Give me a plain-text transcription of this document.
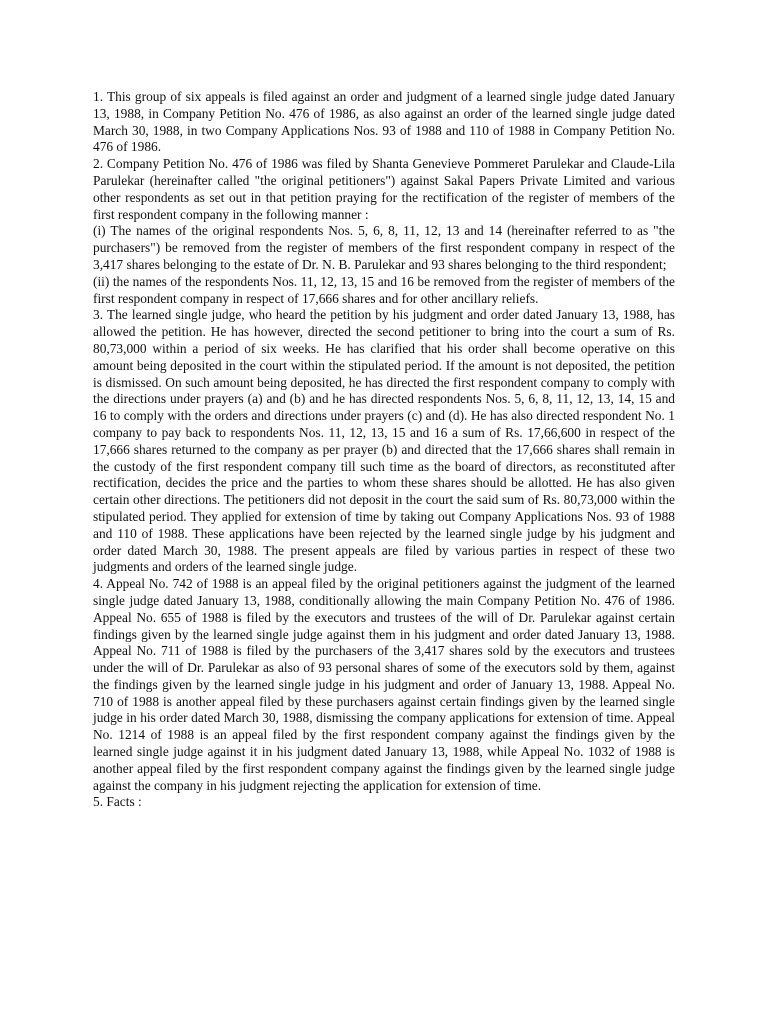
1. This group of six appeals is filed against an order and judgment of a learned single judge dated January 13, 1988, in Company Petition No. 476 of 1986, as also against an order of the learned single judge dated March 30, 1988, in two Company Applications Nos. 93 of 1988 and 110 of 1988 in Company Petition No. 476 of 1986.

2. Company Petition No. 476 of 1986 was filed by Shanta Genevieve Pommeret Parulekar and Claude-Lila Parulekar (hereinafter called "the original petitioners") against Sakal Papers Private Limited and various other respondents as set out in that petition praying for the rectification of the register of members of the first respondent company in the following manner :

(i) The names of the original respondents Nos. 5, 6, 8, 11, 12, 13 and 14 (hereinafter referred to as "the purchasers") be removed from the register of members of the first respondent company in respect of the 3,417 shares belonging to the estate of Dr. N. B. Parulekar and 93 shares belonging to the third respondent;

(ii) the names of the respondents Nos. 11, 12, 13, 15 and 16 be removed from the register of members of the first respondent company in respect of 17,666 shares and for other ancillary reliefs.

3. The learned single judge, who heard the petition by his judgment and order dated January 13, 1988, has allowed the petition. He has however, directed the second petitioner to bring into the court a sum of Rs. 80,73,000 within a period of six weeks. He has clarified that his order shall become operative on this amount being deposited in the court within the stipulated period. If the amount is not deposited, the petition is dismissed. On such amount being deposited, he has directed the first respondent company to comply with the directions under prayers (a) and (b) and he has directed respondents Nos. 5, 6, 8, 11, 12, 13, 14, 15 and 16 to comply with the orders and directions under prayers (c) and (d). He has also directed respondent No. 1 company to pay back to respondents Nos. 11, 12, 13, 15 and 16 a sum of Rs. 17,66,600 in respect of the 17,666 shares returned to the company as per prayer (b) and directed that the 17,666 shares shall remain in the custody of the first respondent company till such time as the board of directors, as reconstituted after rectification, decides the price and the parties to whom these shares should be allotted. He has also given certain other directions. The petitioners did not deposit in the court the said sum of Rs. 80,73,000 within the stipulated period. They applied for extension of time by taking out Company Applications Nos. 93 of 1988 and 110 of 1988. These applications have been rejected by the learned single judge by his judgment and order dated March 30, 1988. The present appeals are filed by various parties in respect of these two judgments and orders of the learned single judge.

4. Appeal No. 742 of 1988 is an appeal filed by the original petitioners against the judgment of the learned single judge dated January 13, 1988, conditionally allowing the main Company Petition No. 476 of 1986. Appeal No. 655 of 1988 is filed by the executors and trustees of the will of Dr. Parulekar against certain findings given by the learned single judge against them in his judgment and order dated January 13, 1988. Appeal No. 711 of 1988 is filed by the purchasers of the 3,417 shares sold by the executors and trustees under the will of Dr. Parulekar as also of 93 personal shares of some of the executors sold by them, against the findings given by the learned single judge in his judgment and order of January 13, 1988. Appeal No. 710 of 1988 is another appeal filed by these purchasers against certain findings given by the learned single judge in his order dated March 30, 1988, dismissing the company applications for extension of time. Appeal No. 1214 of 1988 is an appeal filed by the first respondent company against the findings given by the learned single judge against it in his judgment dated January 13, 1988, while Appeal No. 1032 of 1988 is another appeal filed by the first respondent company against the findings given by the learned single judge against the company in his judgment rejecting the application for extension of time.

5. Facts :
